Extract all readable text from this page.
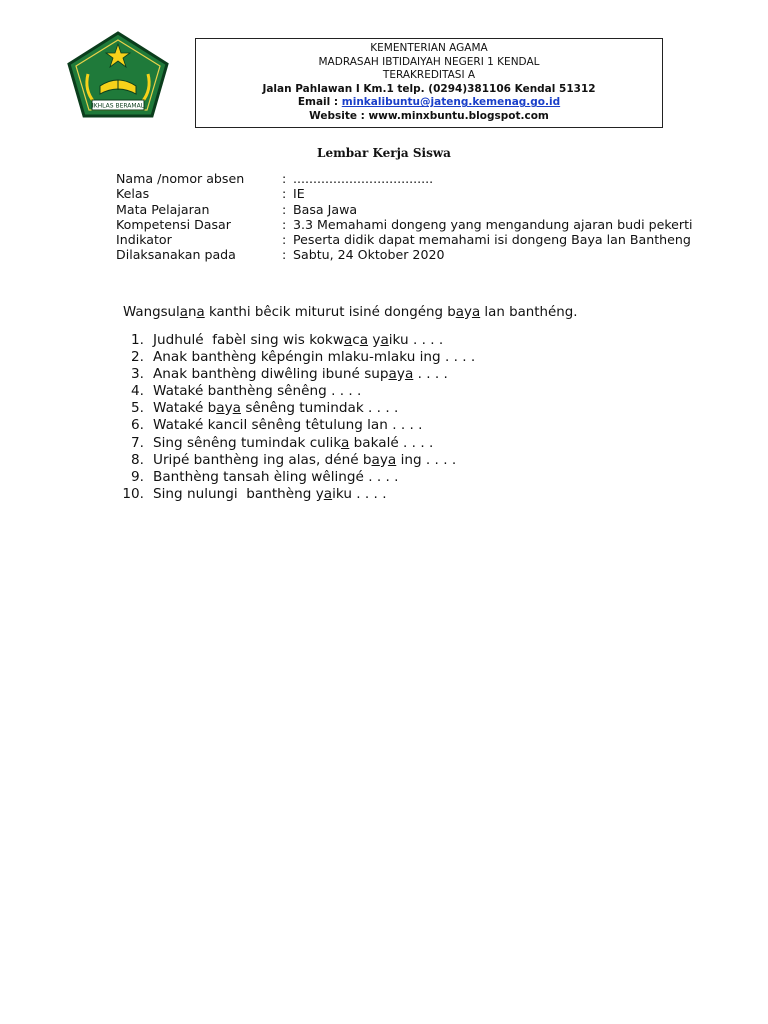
IKHLAS BERAMAL
KEMENTERIAN AGAMA
MADRASAH IBTIDAIYAH NEGERI 1 KENDAL
TERAKREDITASI A
Jalan Pahlawan I Km.1 telp. (0294)381106 Kendal 51312
Email : minkalibuntu@jateng.kemenag.go.id
Website : www.minxbuntu.blogspot.com
Lembar Kerja Siswa
Nama /nomor absen	: ...................................
Kelas	: IE
Mata Pelajaran	: Basa Jawa
Kompetensi Dasar	: 3.3 Memahami dongeng yang mengandung ajaran budi pekerti
Indikator	: Peserta didik dapat memahami isi dongeng Baya lan Bantheng
Dilaksanakan pada	: Sabtu, 24 Oktober 2020
Wangsulana kanthi bêcik miturut isiné dongéng baya lan banthéng.
1. Judhulé  fabèl sing wis kokwaca yaiku . . . .
2. Anak banthèng kêpéngin mlaku-mlaku ing . . . .
3. Anak banthèng diwêling ibuné supaya . . . .
4. Wataké banthèng sênêng . . . .
5. Wataké baya sênêng tumindak . . . .
6. Wataké kancil sênêng têtulung lan . . . .
7. Sing sênêng tumindak culika bakalé . . . .
8. Uripé banthèng ing alas, déné baya ing . . . .
9. Banthèng tansah èling wêlingé . . . .
10. Sing nulungi  banthèng yaiku . . . .
